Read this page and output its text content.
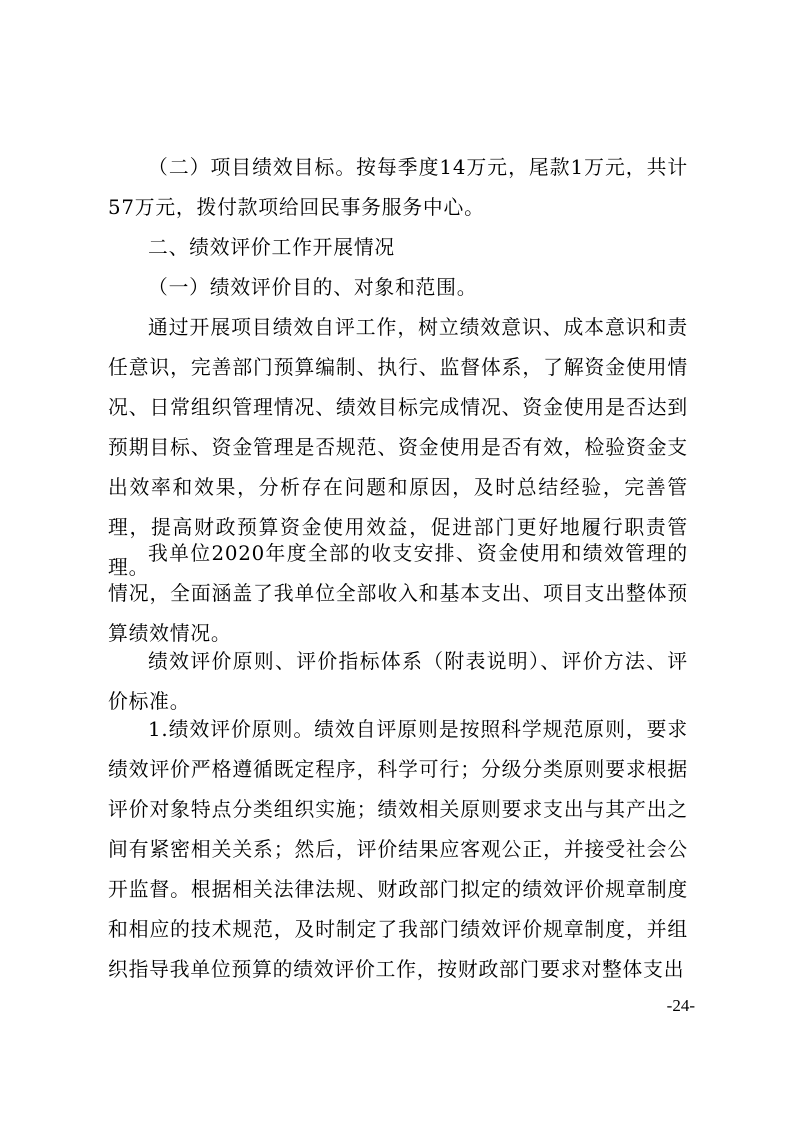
（二）项目绩效目标。按每季度14万元，尾款1万元，共计57万元，拨付款项给回民事务服务中心。

二、绩效评价工作开展情况

（一）绩效评价目的、对象和范围。

通过开展项目绩效自评工作，树立绩效意识、成本意识和责任意识，完善部门预算编制、执行、监督体系，了解资金使用情况、日常组织管理情况、绩效目标完成情况、资金使用是否达到预期目标、资金管理是否规范、资金使用是否有效，检验资金支出效率和效果，分析存在问题和原因，及时总结经验，完善管理，提高财政预算资金使用效益，促进部门更好地履行职责管理。

我单位2020年度全部的收支安排、资金使用和绩效管理的情况，全面涵盖了我单位全部收入和基本支出、项目支出整体预算绩效情况。

绩效评价原则、评价指标体系（附表说明）、评价方法、评价标准。

1.绩效评价原则。绩效自评原则是按照科学规范原则，要求绩效评价严格遵循既定程序，科学可行；分级分类原则要求根据评价对象特点分类组织实施；绩效相关原则要求支出与其产出之间有紧密相关关系；然后，评价结果应客观公正，并接受社会公开监督。根据相关法律法规、财政部门拟定的绩效评价规章制度和相应的技术规范，及时制定了我部门绩效评价规章制度，并组织指导我单位预算的绩效评价工作，按财政部门要求对整体支出

-24-
